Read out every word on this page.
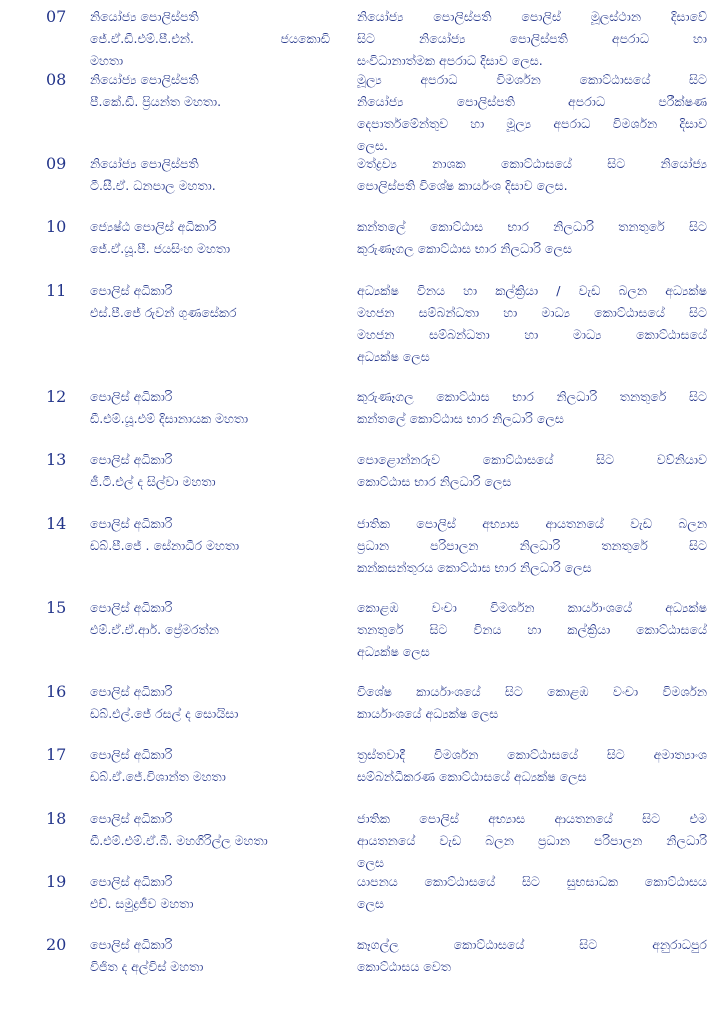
07 නියෝජ්‍ය පොලිස්පති
ජේ.ඒ.ඩී.එම්.පී.එන්.	ජයකොඩි
මහතා
නියෝජ්‍ය පොලිස්පති පොලිස් මූලස්ථාන දිසාවේ
සිට නියෝජ්‍ය පොලිස්පති අපරාධ හා
සංවිධානාත්මක අපරාධ දිසාව ලෙස.
08 නියෝජ්‍ය පොලිස්පති
පී.කේ.ඩී. ප්‍රියන්ත මහතා.
මූල්‍ය අපරාධ විමර්ශන කොට්ඨාසයේ සිට
නියෝජ්‍ය පොලිස්පති අපරාධ පරීක්ෂණ
දෙපාර්තමේන්තුව හා මූල්‍ය අපරාධ විමර්ශන දිසාව
ලෙස.
09 නියෝජ්‍ය පොලිස්පති
ටී.සී.ඒ. ධනපාල මහතා.
මත්ද්‍රව්‍ය නාශක කොට්ඨාසයේ සිට නියෝජ්‍ය
පොලිස්පති විශේෂ කාර්යංශ දිසාව ලෙස.
10 ජ්‍යෙෂ්ඨ පොලිස් අධිකාරි
ජේ.ඒ.යූ.පී. ජයසිංහ මහතා
කන්තලේ කොට්ඨාස භාර නිලධාරි තනතුරේ සිට
කුරුණෑගල කොට්ඨාස භාර නිලධාරි ලෙස
11 පොලිස් අධිකාරි
එස්.පී.ජේ රුවන් ගුණසේකර
අධ්‍යක්ෂ විනය හා කල්ක්‍රියා / වැඩ බලන අධ්‍යක්ෂ
මහජන සම්බන්ධතා හා මාධ්‍ය කොට්ඨාසයේ සිට
මහජන සම්බන්ධතා හා මාධ්‍ය කොට්ඨාසයේ
අධ්‍යක්ෂ ලෙස
12 පොලිස් අධිකාරි
ඩී.එම්.යූ.එම් දිසානායක මහතා
කුරුණෑගල කොට්ඨාස භාර නිලධාරි තනතුරේ සිට
කන්තලේ කොට්ඨාස භාර නිලධාරි ලෙස
13 පොලිස් අධිකාරි
ජී.ටී.එල් ද සිල්වා මහතා
පොළොන්නරුව කොට්ඨාසයේ සිට වව්නියාව
කොට්ඨාස භාර නිලධාරි ලෙස
14 පොලිස් අධිකාරි
ඩබ්.පී.ජේ . සේනාධීර මහතා
ජාතික පොලිස් අභ්‍යාස ආයතනයේ වැඩ බලන
ප්‍රධාන පරිපාලන නිලධාරි තනතුරේ සිට
කන්කසන්තුරය කොට්ඨාස භාර නිලධාරි ලෙස
15 පොලිස් අධිකාරි
එම්.ඒ.ඒ.ආර්. ප්‍රේමරත්න
කොළඹ වංචා විමර්ශන කාර්යාංශයේ අධ්‍යක්ෂ
තනතුරේ සිට විනය හා කල්ක්‍රියා කොට්ඨාසයේ
අධ්‍යක්ෂ ලෙස
16 පොලිස් අධිකාරි
ඩබ්.එල්.ජේ රසල් ද සොයිසා
විශේෂ කාර්යාංශයේ සිට කොළඹ වංචා විමර්ශන
කාර්යාංශයේ අධ්‍යක්ෂ ලෙස
17 පොලිස් අධිකාරි
ඩබ්.ඒ.ජේ.විශාන්ත මහතා
ත්‍රස්තවාදී විමර්ශන කොට්ඨාසයේ සිට අමාත්‍යාංශ
සම්බන්ධීකරණ කොට්ඨාසයේ අධ්‍යක්ෂ ලෙස
18 පොලිස් අධිකාරි
ඩී.එම්.එම්.ඒ.බී. මහගිරිල්ල මහතා
ජාතික පොලිස් අභ්‍යාස ආයතනයේ සිට එම
ආයතනයේ වැඩ බලන ප්‍රධාන පරිපාලන නිලධාරි
ලෙස
19 පොලිස් අධිකාරි
එච්. සමුද්‍රජීව මහතා
යාපනය කොට්ඨාසයේ සිට සුභසාධක කොට්ඨාසය
ලෙස
20 පොලිස් අධිකාරි
විජිත ද අල්විස් මහතා
කෑගල්ල කොට්ඨාසයේ සිට අනුරාධපුර
කොට්ඨාසය වෙත
